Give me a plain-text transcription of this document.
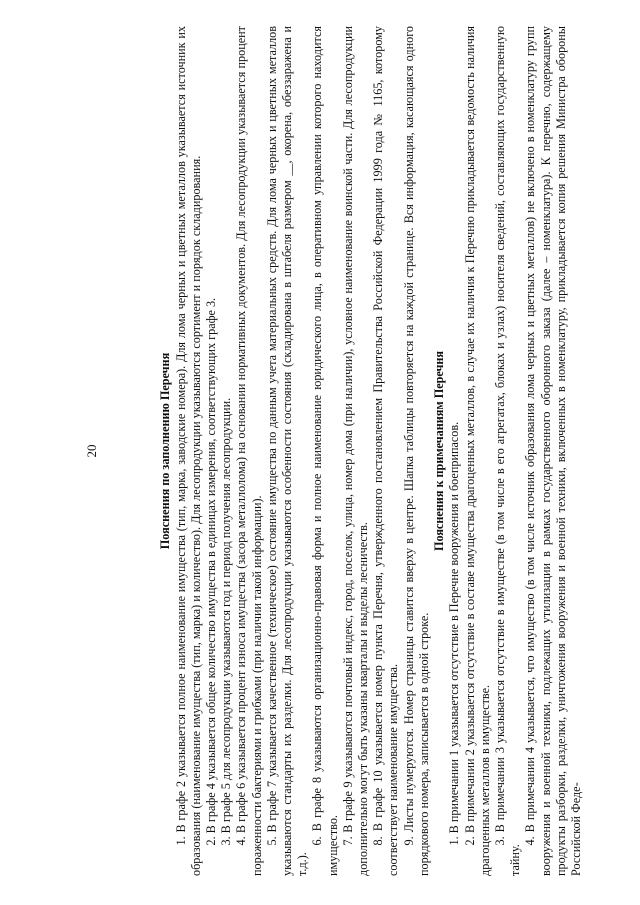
20	Пояснения по заполнению Перечня 1. В графе 2 указывается полное наименование имущества (тип, марка, заводские номера). Для лома черных и цветных металлов указывается источник их образования (наименование имущества (тип, марка) и количество). Для лесопродукции указываются сортимент и порядок складирования. 2. В графе 4 указывается общее количество имущества в единицах измерения, соответствующих графе 3. 3. В графе 5 для лесопродукции указываются год и период получения лесопродукции. 4. В графе 6 указывается процент износа имущества (засора металлолома) на основании нормативных документов. Для лесопродукции указывается процент пораженности бактериями и грибками (при наличии такой информации). 5. В графе 7 указывается качественное (техническое) состояние имущества по данным учета материальных средств. Для лома черных и цветных металлов указываются стандарты их разделки. Для лесопродукции указываются особенности состояния (складирована в штабеля размером __, окорена, обеззаражена и т.д.).

6. В графе 8 указываются организационно-правовая форма и полное наименование юридического лица, в оперативном управлении которого находится имущество.

7. В графе 9 указываются почтовый индекс, город, поселок, улица, номер дома (при наличии), условное наименование воинской части. Для лесопродукции дополнительно могут быть указаны кварталы и выделы лесничеств. 8. В графе 10 указывается номер пункта Перечня, утвержденного постановлением Правительства Российской Федерации 1999 года № 1165, которому соответствует наименование имущества. 9. Листы нумеруются. Номер страницы ставится вверху в центре. Шапка таблицы повторяется на каждой странице. Вся информация, касающаяся одного порядкового номера, записывается в одной строке.

Пояснения к примечаниям Перечня 1. В примечании 1 указывается отсутствие в Перечне вооружения и боеприпасов. 2. В примечании 2 указывается отсутствие в составе имущества драгоценных металлов, в случае их наличия к Перечню прикладывается ведомость наличия драгоценных металлов в имуществе. 3. В примечании 3 указывается отсутствие в имуществе (в том числе в его агрегатах, блоках и узлах) носителя сведений, составляющих государственную тайну.

4. В примечании 4 указывается, что имущество (в том числе источник образования лома черных и цветных металлов) не включено в номенклатуру групп вооружения и военной техники, подлежащих утилизации в рамках государственного оборонного заказа (далее – номенклатура). К перечню, содержащему продукты разборки, разделки, уничтожения вооружения и военной техники, включенных в номенклатуру, прикладывается копия решения Министра обороны Российской Феде-
